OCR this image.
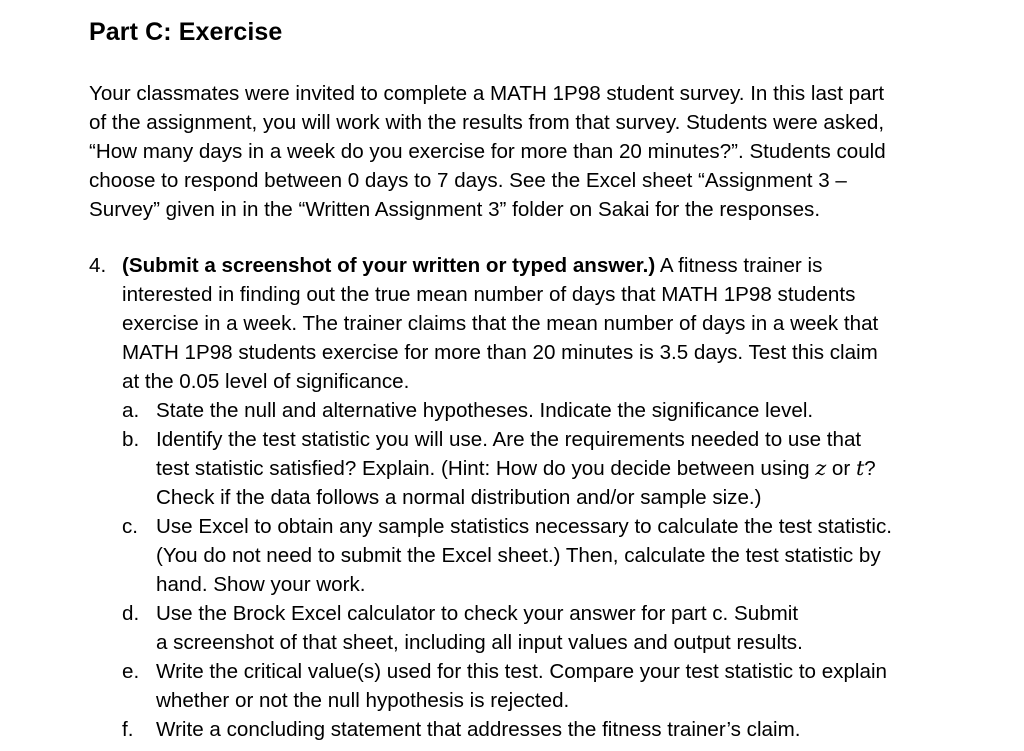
Part C: Exercise
Your classmates were invited to complete a MATH 1P98 student survey. In this last part
of the assignment, you will work with the results from that survey. Students were asked,
“How many days in a week do you exercise for more than 20 minutes?”. Students could
choose to respond between 0 days to 7 days. See the Excel sheet “Assignment 3 –
Survey” given in in the “Written Assignment 3” folder on Sakai for the responses.
4. (Submit a screenshot of your written or typed answer.) A fitness trainer is
interested in finding out the true mean number of days that MATH 1P98 students
exercise in a week. The trainer claims that the mean number of days in a week that
MATH 1P98 students exercise for more than 20 minutes is 3.5 days. Test this claim
at the 0.05 level of significance.
a. State the null and alternative hypotheses. Indicate the significance level.
b. Identify the test statistic you will use. Are the requirements needed to use that
test statistic satisfied? Explain. (Hint: How do you decide between using z or t?
Check if the data follows a normal distribution and/or sample size.)
c. Use Excel to obtain any sample statistics necessary to calculate the test statistic.
(You do not need to submit the Excel sheet.) Then, calculate the test statistic by
hand. Show your work.
d. Use the Brock Excel calculator to check your answer for part c. Submit
a screenshot of that sheet, including all input values and output results.
e. Write the critical value(s) used for this test. Compare your test statistic to explain
whether or not the null hypothesis is rejected.
f. Write a concluding statement that addresses the fitness trainer’s claim.
